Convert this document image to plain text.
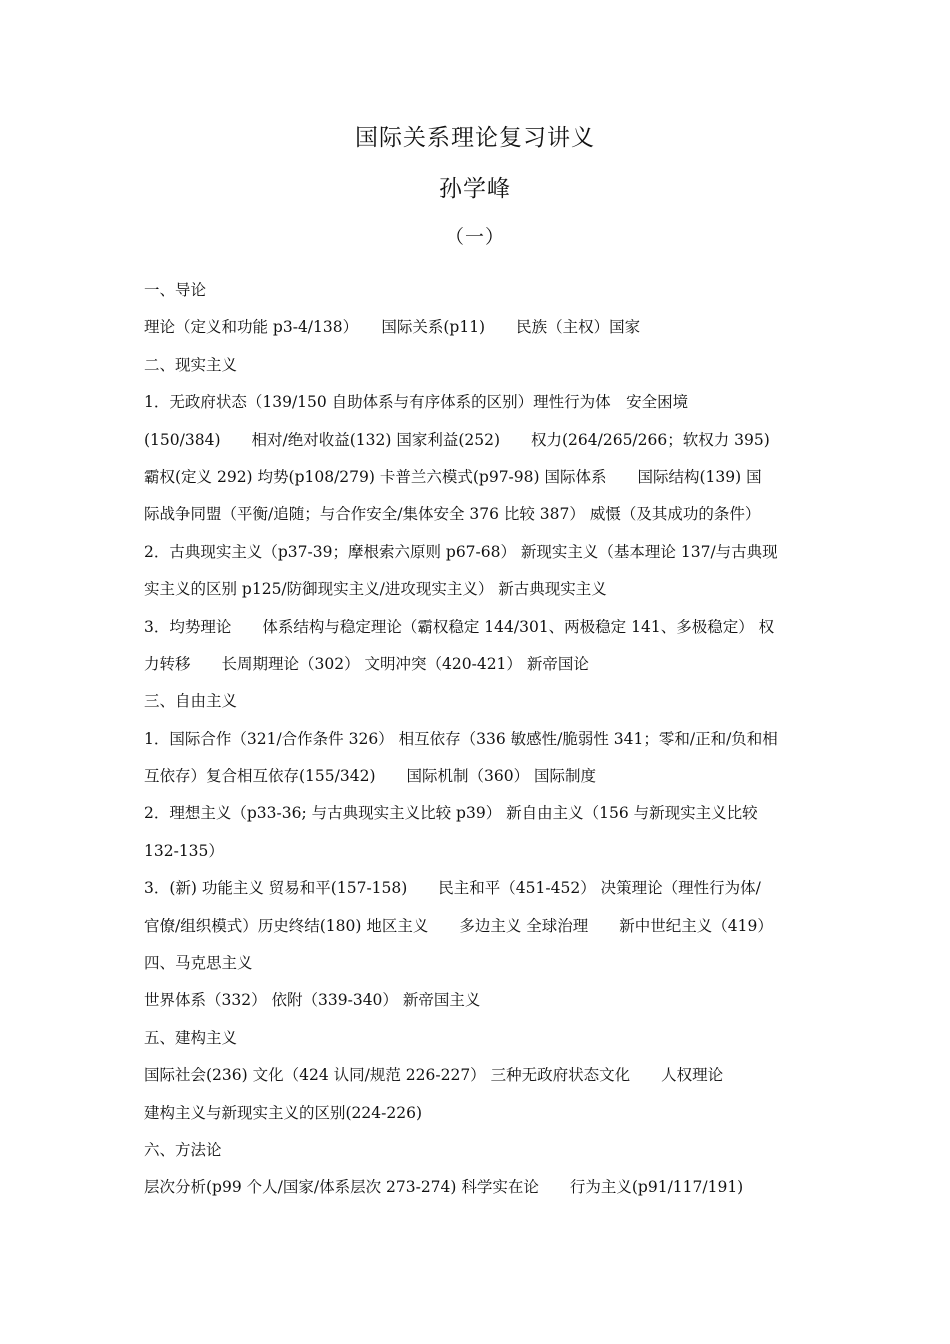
国际关系理论复习讲义
孙学峰
（一）
一、导论
理论（定义和功能 p3-4/138）　　国际关系(p11)　　民族（主权）国家
二、现实主义
1．无政府状态（139/150 自助体系与有序体系的区别）理性行为体　安全困境
(150/384)　　相对/绝对收益(132) 国家利益(252)　　权力(264/265/266；软权力 395)
霸权(定义 292) 均势(p108/279) 卡普兰六模式(p97-98) 国际体系　　国际结构(139) 国
际战争同盟（平衡/追随；与合作安全/集体安全 376 比较 387） 威慑（及其成功的条件）
2．古典现实主义（p37-39；摩根索六原则 p67-68） 新现实主义（基本理论 137/与古典现
实主义的区别 p125/防御现实主义/进攻现实主义） 新古典现实主义
3．均势理论　　体系结构与稳定理论（霸权稳定 144/301、两极稳定 141、多极稳定） 权
力转移　　长周期理论（302） 文明冲突（420-421） 新帝国论
三、自由主义
1．国际合作（321/合作条件 326） 相互依存（336 敏感性/脆弱性 341；零和/正和/负和相
互依存）复合相互依存(155/342)　　国际机制（360） 国际制度
2．理想主义（p33-36; 与古典现实主义比较 p39） 新自由主义（156 与新现实主义比较
132-135）
3．(新) 功能主义 贸易和平(157-158)　　民主和平（451-452） 决策理论（理性行为体/
官僚/组织模式）历史终结(180) 地区主义　　多边主义 全球治理　　新中世纪主义（419）
四、马克思主义
世界体系（332） 依附（339-340） 新帝国主义
五、建构主义
国际社会(236) 文化（424 认同/规范 226-227） 三种无政府状态文化　　人权理论
建构主义与新现实主义的区别(224-226)
六、方法论
层次分析(p99 个人/国家/体系层次 273-274) 科学实在论　　行为主义(p91/117/191)
